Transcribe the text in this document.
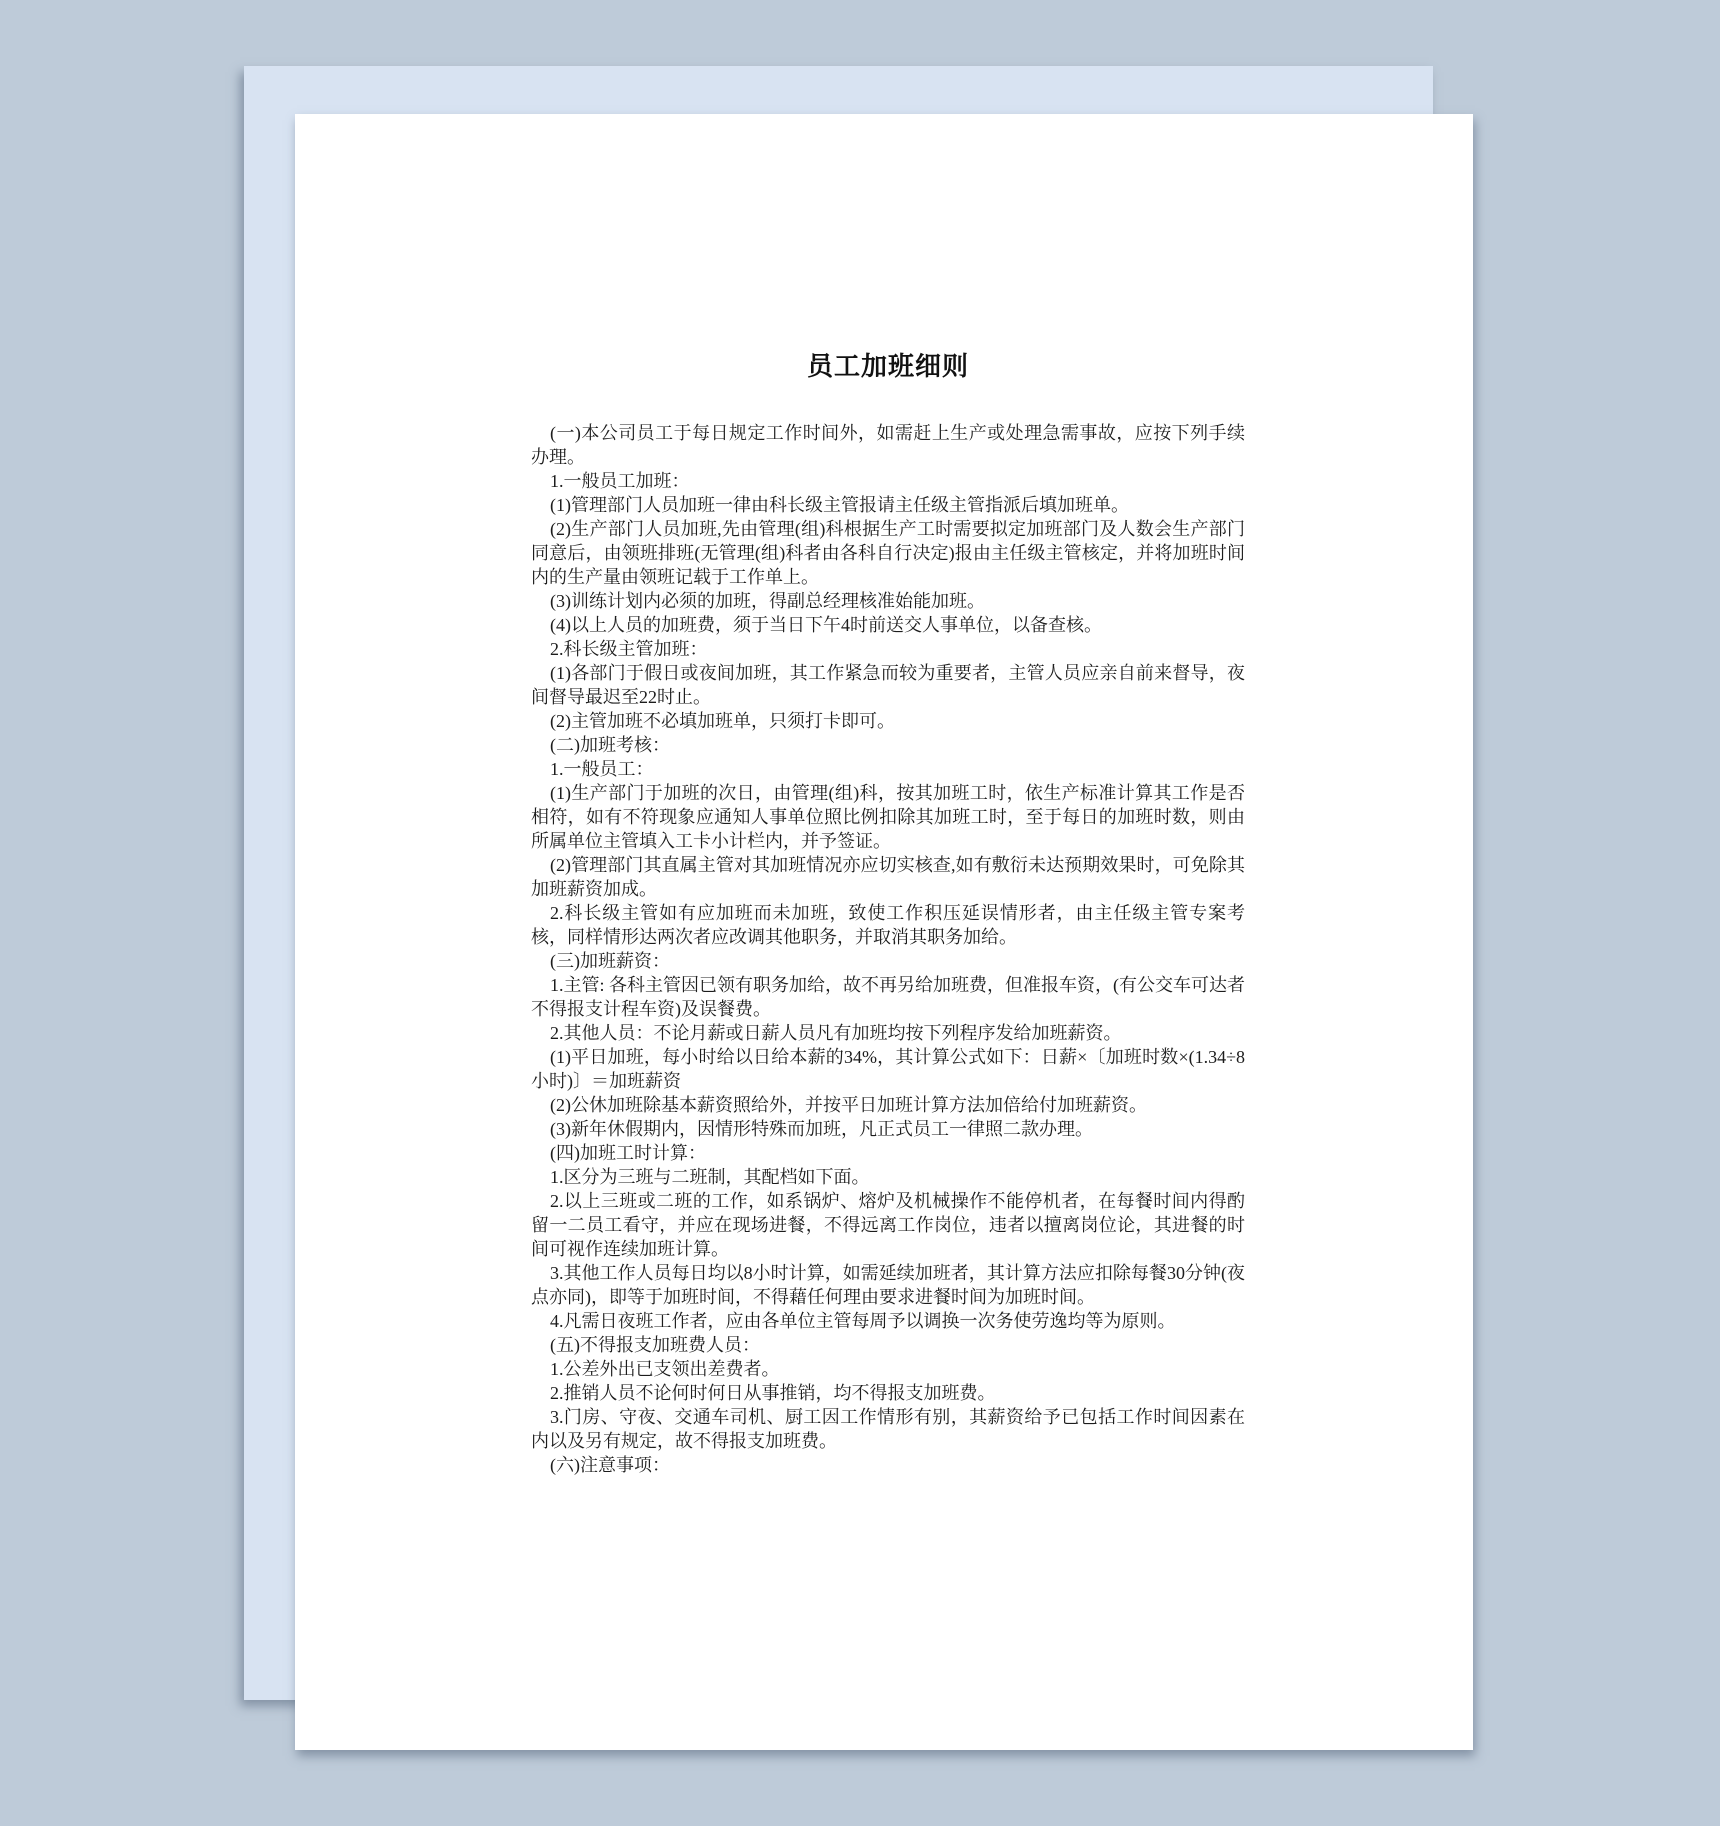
员工加班细则

(一)本公司员工于每日规定工作时间外，如需赶上生产或处理急需事故，应按下列手续办理。

1.一般员工加班：

(1)管理部门人员加班一律由科长级主管报请主任级主管指派后填加班单。

(2)生产部门人员加班,先由管理(组)科根据生产工时需要拟定加班部门及人数会生产部门同意后，由领班排班(无管理(组)科者由各科自行决定)报由主任级主管核定，并将加班时间内的生产量由领班记载于工作单上。

(3)训练计划内必须的加班，得副总经理核准始能加班。

(4)以上人员的加班费，须于当日下午4时前送交人事单位，以备查核。

2.科长级主管加班：

(1)各部门于假日或夜间加班，其工作紧急而较为重要者，主管人员应亲自前来督导，夜间督导最迟至22时止。

(2)主管加班不必填加班单，只须打卡即可。

(二)加班考核：

1.一般员工：

(1)生产部门于加班的次日，由管理(组)科，按其加班工时，依生产标准计算其工作是否相符，如有不符现象应通知人事单位照比例扣除其加班工时，至于每日的加班时数，则由所属单位主管填入工卡小计栏内，并予签证。

(2)管理部门其直属主管对其加班情况亦应切实核查,如有敷衍未达预期效果时，可免除其加班薪资加成。

2.科长级主管如有应加班而未加班，致使工作积压延误情形者，由主任级主管专案考核，同样情形达两次者应改调其他职务，并取消其职务加给。

(三)加班薪资：

1.主管: 各科主管因已领有职务加给，故不再另给加班费，但准报车资，(有公交车可达者不得报支计程车资)及误餐费。

2.其他人员：不论月薪或日薪人员凡有加班均按下列程序发给加班薪资。

(1)平日加班，每小时给以日给本薪的34%，其计算公式如下：日薪×〔加班时数×(1.34÷8小时)〕＝加班薪资

(2)公休加班除基本薪资照给外，并按平日加班计算方法加倍给付加班薪资。

(3)新年休假期内，因情形特殊而加班，凡正式员工一律照二款办理。

(四)加班工时计算：

1.区分为三班与二班制，其配档如下面。

2.以上三班或二班的工作，如系锅炉、熔炉及机械操作不能停机者，在每餐时间内得酌留一二员工看守，并应在现场进餐，不得远离工作岗位，违者以擅离岗位论，其进餐的时间可视作连续加班计算。

3.其他工作人员每日均以8小时计算，如需延续加班者，其计算方法应扣除每餐30分钟(夜点亦同)，即等于加班时间，不得藉任何理由要求进餐时间为加班时间。

4.凡需日夜班工作者，应由各单位主管每周予以调换一次务使劳逸均等为原则。

(五)不得报支加班费人员：

1.公差外出已支领出差费者。

2.推销人员不论何时何日从事推销，均不得报支加班费。

3.门房、守夜、交通车司机、厨工因工作情形有别，其薪资给予已包括工作时间因素在内以及另有规定，故不得报支加班费。

(六)注意事项：
